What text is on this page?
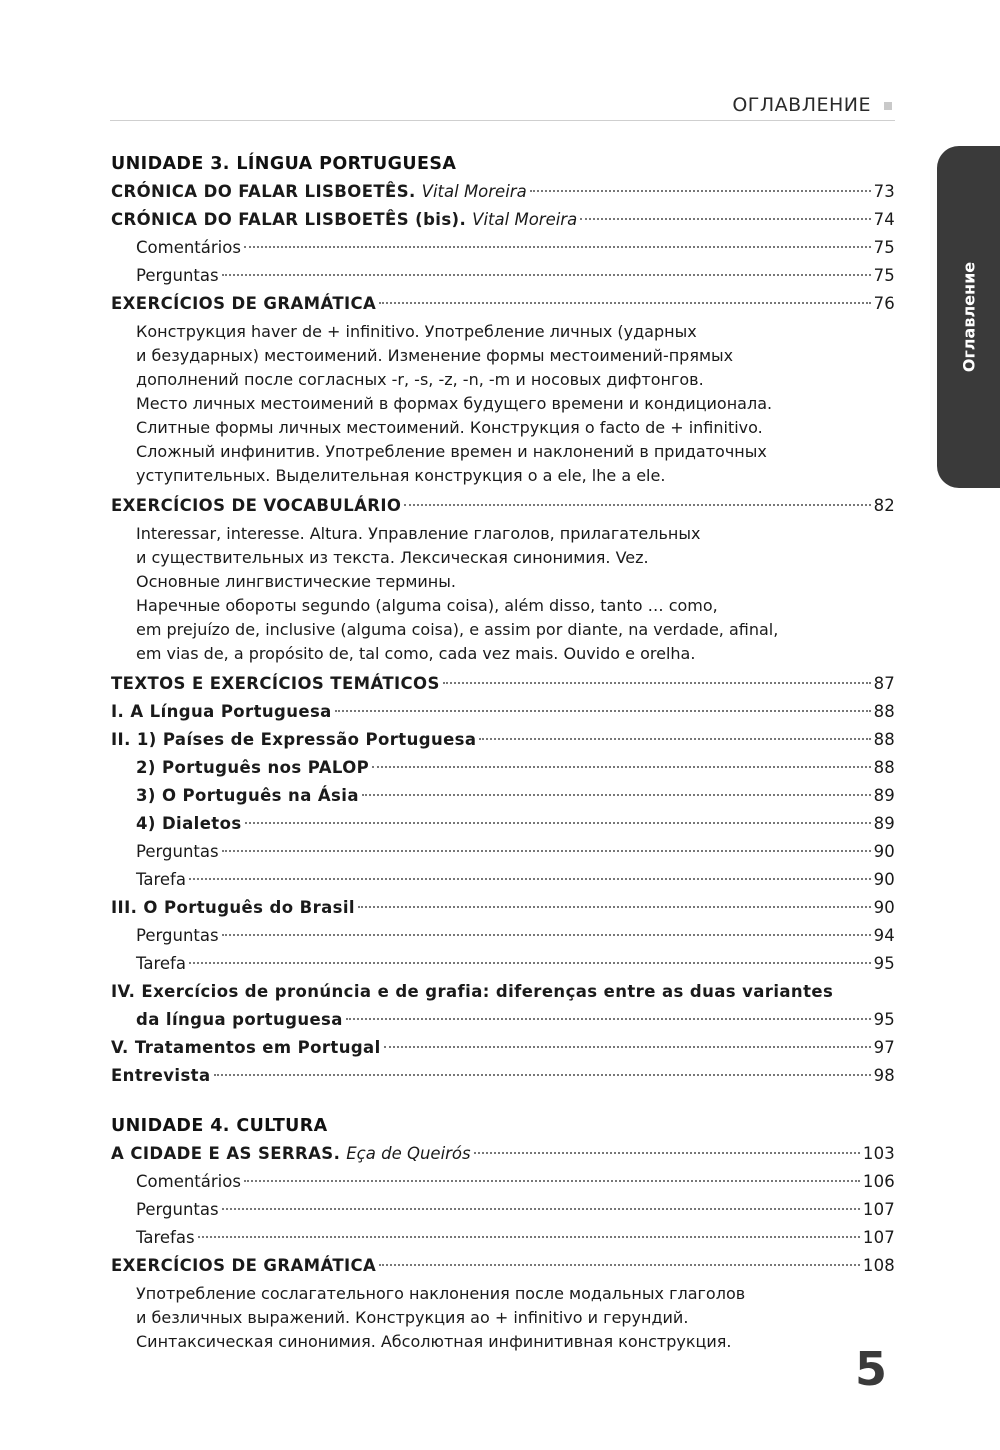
ОГЛАВЛЕНИЕ
Оглавление
UNIDADE 3. LÍNGUA PORTUGUESA
CRÓNICA DO FALAR LISBOETÊS. Vital Moreira	73
CRÓNICA DO FALAR LISBOETÊS (bis). Vital Moreira	74
Comentários	75
Perguntas	75
EXERCÍCIOS DE GRAMÁTICA	76
Конструкция haver de + infinitivo. Употребление личных (ударных
и безударных) местоимений. Изменение формы местоимений-прямых
дополнений после согласных -r, -s, -z, -n, -m и носовых дифтонгов.
Место личных местоимений в формах будущего времени и кондиционала.
Слитные формы личных местоимений. Конструкция o facto de + infinitivo.
Сложный инфинитив. Употребление времен и наклонений в придаточных
уступительных. Выделительная конструкция o a ele, lhe a ele.
EXERCÍCIOS DE VOCABULÁRIO	82
Interessar, interesse. Altura. Управление глаголов, прилагательных
и существительных из текста. Лексическая синонимия. Vez.
Основные лингвистические термины.
Наречные обороты segundo (alguma coisa), além disso, tanto … como,
em prejuízo de, inclusive (alguma coisa), e assim por diante, na verdade, afinal,
em vias de, a propósito de, tal como, cada vez mais. Ouvido e orelha.
TEXTOS E EXERCÍCIOS TEMÁTICOS	87
I. A Língua Portuguesa	88
II. 1) Países de Expressão Portuguesa	88
2) Português nos PALOP	88
3) O Português na Ásia	89
4) Dialetos	89
Perguntas	90
Tarefa	90
III. O Português do Brasil	90
Perguntas	94
Tarefa	95
IV. Exercícios de pronúncia e de grafia: diferenças entre as duas variantes
da língua portuguesa	95
V. Tratamentos em Portugal	97
Entrevista	98
UNIDADE 4. CULTURA
A CIDADE E AS SERRAS. Eça de Queirós	103
Comentários	106
Perguntas	107
Tarefas	107
EXERCÍCIOS DE GRAMÁTICA	108
Употребление сослагательного наклонения после модальных глаголов
и безличных выражений. Конструкция ao + infinitivo и герундий.
Синтаксическая синонимия. Абсолютная инфинитивная конструкция.
5
